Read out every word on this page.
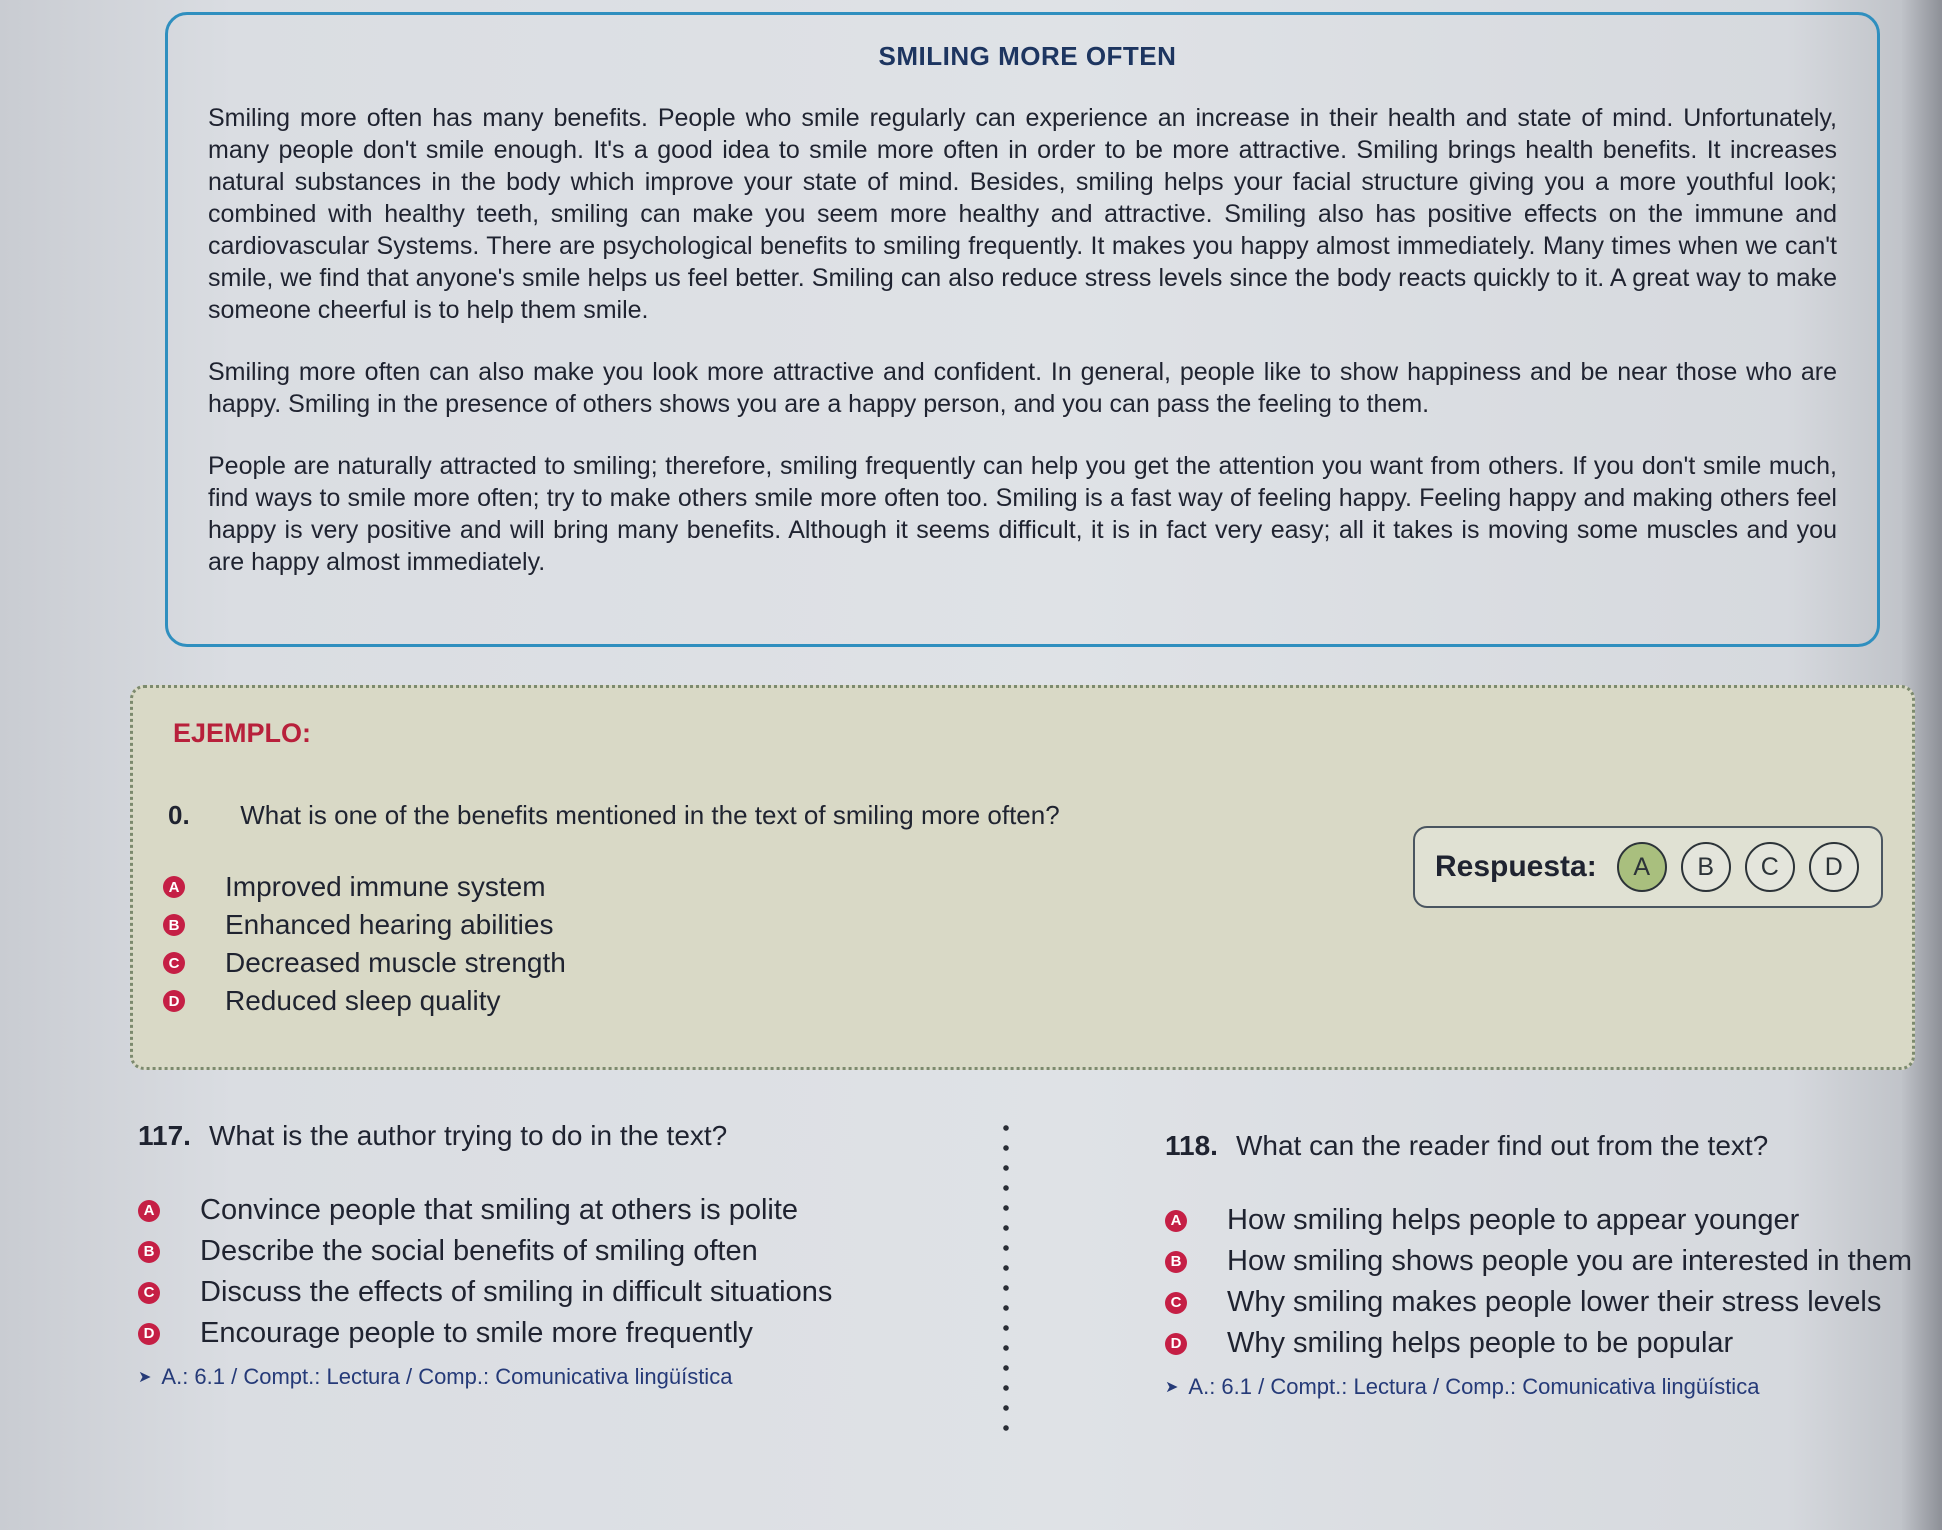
SMILING MORE OFTEN

Smiling more often has many benefits. People who smile regularly can experience an increase in their health and state of mind. Unfortunately, many people don't smile enough. It's a good idea to smile more often in order to be more attractive. Smiling brings health benefits. It increases natural substances in the body which improve your state of mind. Besides, smiling helps your facial structure giving you a more youthful look; combined with healthy teeth, smiling can make you seem more healthy and attractive. Smiling also has positive effects on the immune and cardiovascular Systems. There are psychological benefits to smiling frequently. It makes you happy almost immediately. Many times when we can't smile, we find that anyone's smile helps us feel better. Smiling can also reduce stress levels since the body reacts quickly to it. A great way to make someone cheerful is to help them smile.

Smiling more often can also make you look more attractive and confident. In general, people like to show happiness and be near those who are happy. Smiling in the presence of others shows you are a happy person, and you can pass the feeling to them.

People are naturally attracted to smiling; therefore, smiling frequently can help you get the attention you want from others. If you don't smile much, find ways to smile more often; try to make others smile more often too. Smiling is a fast way of feeling happy. Feeling happy and making others feel happy is very positive and will bring many benefits. Although it seems difficult, it is in fact very easy; all it takes is moving some muscles and you are happy almost immediately.

EJEMPLO:
0. What is one of the benefits mentioned in the text of smiling more often?
A Improved immune system
B Enhanced hearing abilities
C Decreased muscle strength
D Reduced sleep quality
Respuesta:	A	B	C	D
117. What is the author trying to do in the text?
A Convince people that smiling at others is polite
B Describe the social benefits of smiling often
C Discuss the effects of smiling in difficult situations
D Encourage people to smile more frequently
➤ A.: 6.1 / Compt.: Lectura / Comp.: Comunicativa lingüística
118. What can the reader find out from the text?
A How smiling helps people to appear younger
B How smiling shows people you are interested in them
C Why smiling makes people lower their stress levels
D Why smiling helps people to be popular
➤ A.: 6.1 / Compt.: Lectura / Comp.: Comunicativa lingüística
